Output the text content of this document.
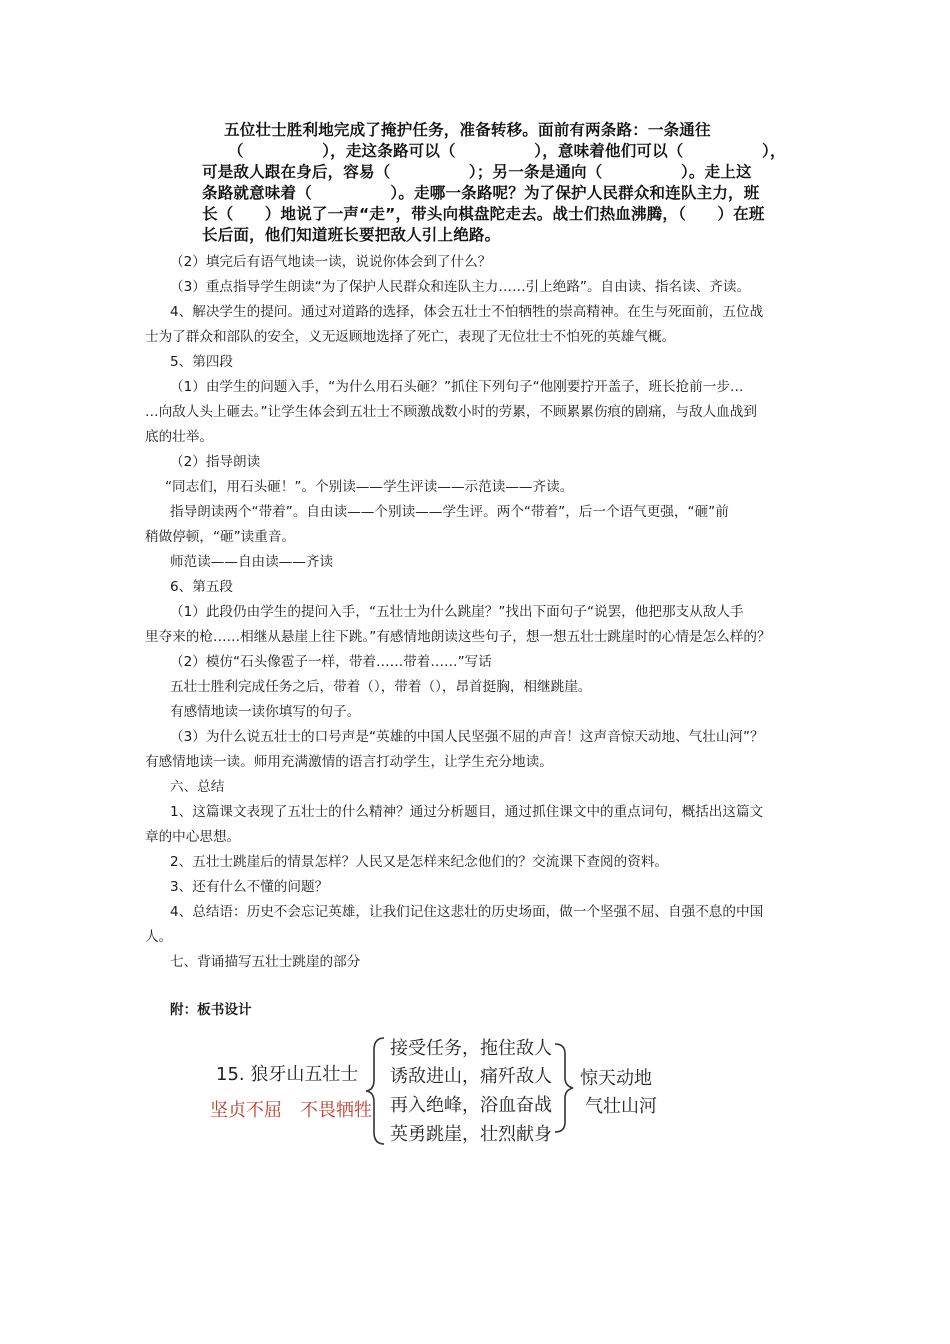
五位壮士胜利地完成了掩护任务，准备转移。面前有两条路：一条通往
（　　　　　），走这条路可以（　　　　　），意味着他们可以（　　　　　），
可是敌人跟在身后，容易（　　　　　）；另一条是通向（　　　　　）。走上这
条路就意味着（　　　　　）。走哪一条路呢？为了保护人民群众和连队主力，班
长（　　）地说了一声“走”，带头向棋盘陀走去。战士们热血沸腾，（　　）在班
长后面，他们知道班长要把敌人引上绝路。
（2）填完后有语气地读一读，说说你体会到了什么？
（3）重点指导学生朗读“为了保护人民群众和连队主力……引上绝路”。自由读、指名读、齐读。
4、解决学生的提问。通过对道路的选择，体会五壮士不怕牺牲的崇高精神。在生与死面前，五位战
士为了群众和部队的安全，义无返顾地选择了死亡，表现了无位壮士不怕死的英雄气概。
5、第四段
（1）由学生的问题入手，“为什么用石头砸？”抓住下列句子“他刚要拧开盖子，班长抢前一步…
…向敌人头上砸去。”让学生体会到五壮士不顾激战数小时的劳累，不顾累累伤痕的剧痛，与敌人血战到
底的壮举。
（2）指导朗读
“同志们，用石头砸！”。个别读——学生评读——示范读——齐读。
指导朗读两个“带着”。自由读——个别读——学生评。两个“带着”，后一个语气更强，“砸”前
稍做停顿，“砸”读重音。
师范读——自由读——齐读
6、第五段
（1）此段仍由学生的提问入手，“五壮士为什么跳崖？”找出下面句子“说罢，他把那支从敌人手
里夺来的枪……相继从悬崖上往下跳。”有感情地朗读这些句子，想一想五壮士跳崖时的心情是怎么样的？
（2）模仿“石头像雹子一样，带着……带着……”写话
五壮士胜利完成任务之后，带着（），带着（），昂首挺胸，相继跳崖。
有感情地读一读你填写的句子。
（3）为什么说五壮士的口号声是“英雄的中国人民坚强不屈的声音！这声音惊天动地、气壮山河”？
有感情地读一读。师用充满激情的语言打动学生，让学生充分地读。
六、总结
1、这篇课文表现了五壮士的什么精神？通过分析题目，通过抓住课文中的重点词句，概括出这篇文
章的中心思想。
2、五壮士跳崖后的情景怎样？人民又是怎样来纪念他们的？交流课下查阅的资料。
3、还有什么不懂的问题？
4、总结语：历史不会忘记英雄，让我们记住这悲壮的历史场面，做一个坚强不屈、自强不息的中国
人。
七、背诵描写五壮士跳崖的部分
附：板书设计
15. 狼牙山五壮士
坚贞不屈　不畏牺牲
接受任务，拖住敌人
诱敌进山，痛歼敌人
再入绝峰，浴血奋战
英勇跳崖，壮烈献身
惊天动地
气壮山河
